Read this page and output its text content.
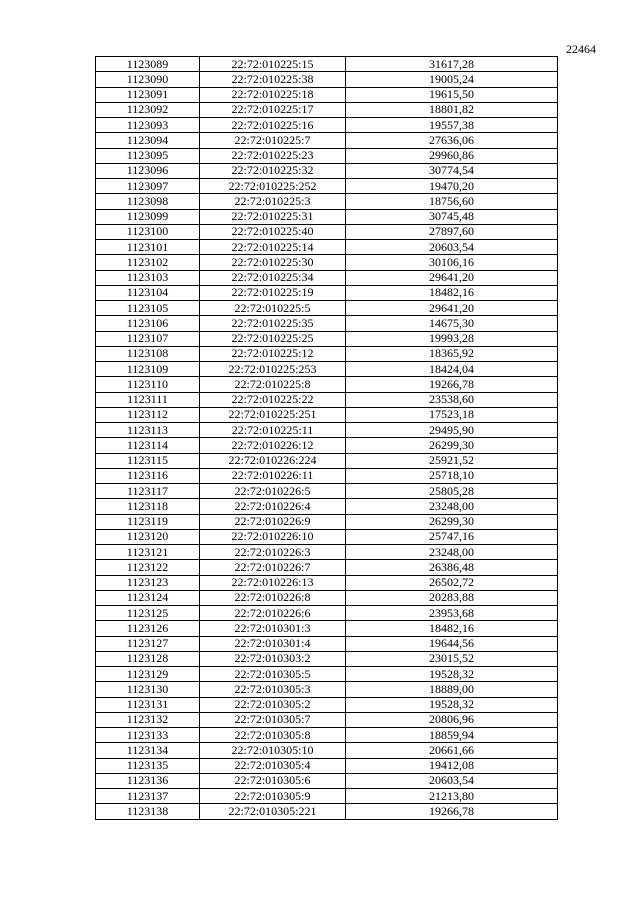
22464
1123089	22:72:010225:15	31617,28
1123090	22:72:010225:38	19005,24
1123091	22:72:010225:18	19615,50
1123092	22:72:010225:17	18801,82
1123093	22:72:010225:16	19557,38
1123094	22:72:010225:7	27636,06
1123095	22:72:010225:23	29960,86
1123096	22:72:010225:32	30774,54
1123097	22:72:010225:252	19470,20
1123098	22:72:010225:3	18756,60
1123099	22:72:010225:31	30745,48
1123100	22:72:010225:40	27897,60
1123101	22:72:010225:14	20603,54
1123102	22:72:010225:30	30106,16
1123103	22:72:010225:34	29641,20
1123104	22:72:010225:19	18482,16
1123105	22:72:010225:5	29641,20
1123106	22:72:010225:35	14675,30
1123107	22:72:010225:25	19993,28
1123108	22:72:010225:12	18365,92
1123109	22:72:010225:253	18424,04
1123110	22:72:010225:8	19266,78
1123111	22:72:010225:22	23538,60
1123112	22:72:010225:251	17523,18
1123113	22:72:010225:11	29495,90
1123114	22:72:010226:12	26299,30
1123115	22:72:010226:224	25921,52
1123116	22:72:010226:11	25718,10
1123117	22:72:010226:5	25805,28
1123118	22:72:010226:4	23248,00
1123119	22:72:010226:9	26299,30
1123120	22:72:010226:10	25747,16
1123121	22:72:010226:3	23248,00
1123122	22:72:010226:7	26386,48
1123123	22:72:010226:13	26502,72
1123124	22:72:010226:8	20283,88
1123125	22:72:010226:6	23953,68
1123126	22:72:010301:3	18482,16
1123127	22:72:010301:4	19644,56
1123128	22:72:010303:2	23015,52
1123129	22:72:010305:5	19528,32
1123130	22:72:010305:3	18889,00
1123131	22:72:010305:2	19528,32
1123132	22:72:010305:7	20806,96
1123133	22:72:010305:8	18859,94
1123134	22:72:010305:10	20661,66
1123135	22:72:010305:4	19412,08
1123136	22:72:010305:6	20603,54
1123137	22:72:010305:9	21213,80
1123138	22:72:010305:221	19266,78
